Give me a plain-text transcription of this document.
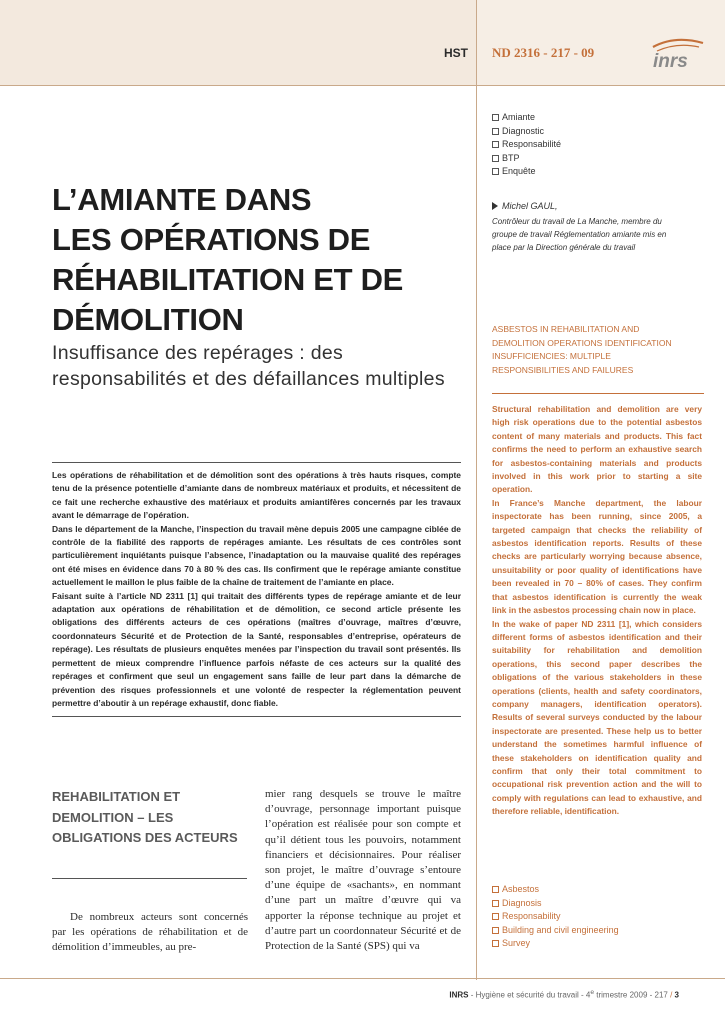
HST ND 2316 - 217 - 09	inrs
Amiante
Diagnostic
Responsabilité
BTP
Enquête
Michel GAUL,
Contrôleur du travail de La Manche, membre du groupe de travail Réglementation amiante mis en place par la Direction générale du travail
ASBESTOS IN REHABILITATION AND DEMOLITION OPERATIONS IDENTIFICATION INSUFFICIENCIES: MULTIPLE RESPONSIBILITIES AND FAILURES

Structural rehabilitation and demolition are very high risk operations due to the potential asbestos content of many materials and products. This fact confirms the need to perform an exhaustive search for asbestos-containing materials and products involved in this work prior to starting a site operation.

In France’s Manche department, the labour inspectorate has been running, since 2005, a targeted campaign that checks the reliability of asbestos identification reports. Results of these checks are particularly worrying because absence, unsuitability or poor quality of identifications have been revealed in 70 – 80% of cases. They confirm that asbestos identification is currently the weak link in the asbestos processing chain now in place.

In the wake of paper ND 2311 [1], which considers different forms of asbestos identification and their suitability for rehabilitation and demolition operations, this second paper describes the obligations of the various stakeholders in these operations (clients, health and safety coordinators, company managers, identification operators). Results of several surveys conducted by the labour inspectorate are presented. These help us to better understand the sometimes harmful influence of these stakeholders on identification quality and confirm that only their total commitment to occupational risk prevention action and the will to comply with regulations can lead to exhaustive, and therefore reliable, identification.

Asbestos
Diagnosis
Responsability
Building and civil engineering
Survey
L’AMIANTE DANS
LES OPÉRATIONS DE
RÉHABILITATION ET DE
DÉMOLITION
Insuffisance des repérages : des responsabilités et des défaillances multiples

Les opérations de réhabilitation et de démolition sont des opérations à très hauts risques, compte tenu de la présence potentielle d’amiante dans de nombreux matériaux et produits, et nécessitent de ce fait une recherche exhaustive des matériaux et produits amiantifères concernés par les travaux avant le démarrage de l’opération.

Dans le département de la Manche, l’inspection du travail mène depuis 2005 une campagne ciblée de contrôle de la fiabilité des rapports de repérages amiante. Les résultats de ces contrôles sont particulièrement inquiétants puisque l’absence, l’inadaptation ou la mauvaise qualité des repérages ont été mises en évidence dans 70 à 80 % des cas. Ils confirment que le repérage amiante constitue actuellement le maillon le plus faible de la chaîne de traitement de l’amiante en place.

Faisant suite à l’article ND 2311 [1] qui traitait des différents types de repérage amiante et de leur adaptation aux opérations de réhabilitation et de démolition, ce second article présente les obligations des différents acteurs de ces opérations (maîtres d’ouvrage, maîtres d’œuvre, coordonnateurs Sécurité et de Protection de la Santé, responsables d’entreprise, opérateurs de repérage). Les résultats de plusieurs enquêtes menées par l’inspection du travail sont présentés. Ils permettent de mieux comprendre l’influence parfois néfaste de ces acteurs sur la qualité des repérages et confirment que seul un engagement sans faille de leur part dans la démarche de prévention des risques professionnels et une volonté de respecter la réglementation peuvent permettre d’aboutir à un repérage exhaustif, donc fiable.

REHABILITATION ET DEMOLITION – LES OBLIGATIONS DES ACTEURS
De nombreux acteurs sont concernés par les opérations de réhabilitation et de démolition d’immeubles, au pre-
mier rang desquels se trouve le maître d’ouvrage, personnage important puisque l’opération est réalisée pour son compte et qu’il détient tous les pouvoirs, notamment financiers et décisionnaires. Pour réaliser son projet, le maître d’ouvrage s’entoure d’une équipe de «sachants», en nommant d’une part un maître d’œuvre qui va apporter la réponse technique au projet et d’autre part un coordonnateur Sécurité et de Protection de la Santé (SPS) qui va
INRS - Hygiène et sécurité du travail - 4e trimestre 2009 - 217 / 3
